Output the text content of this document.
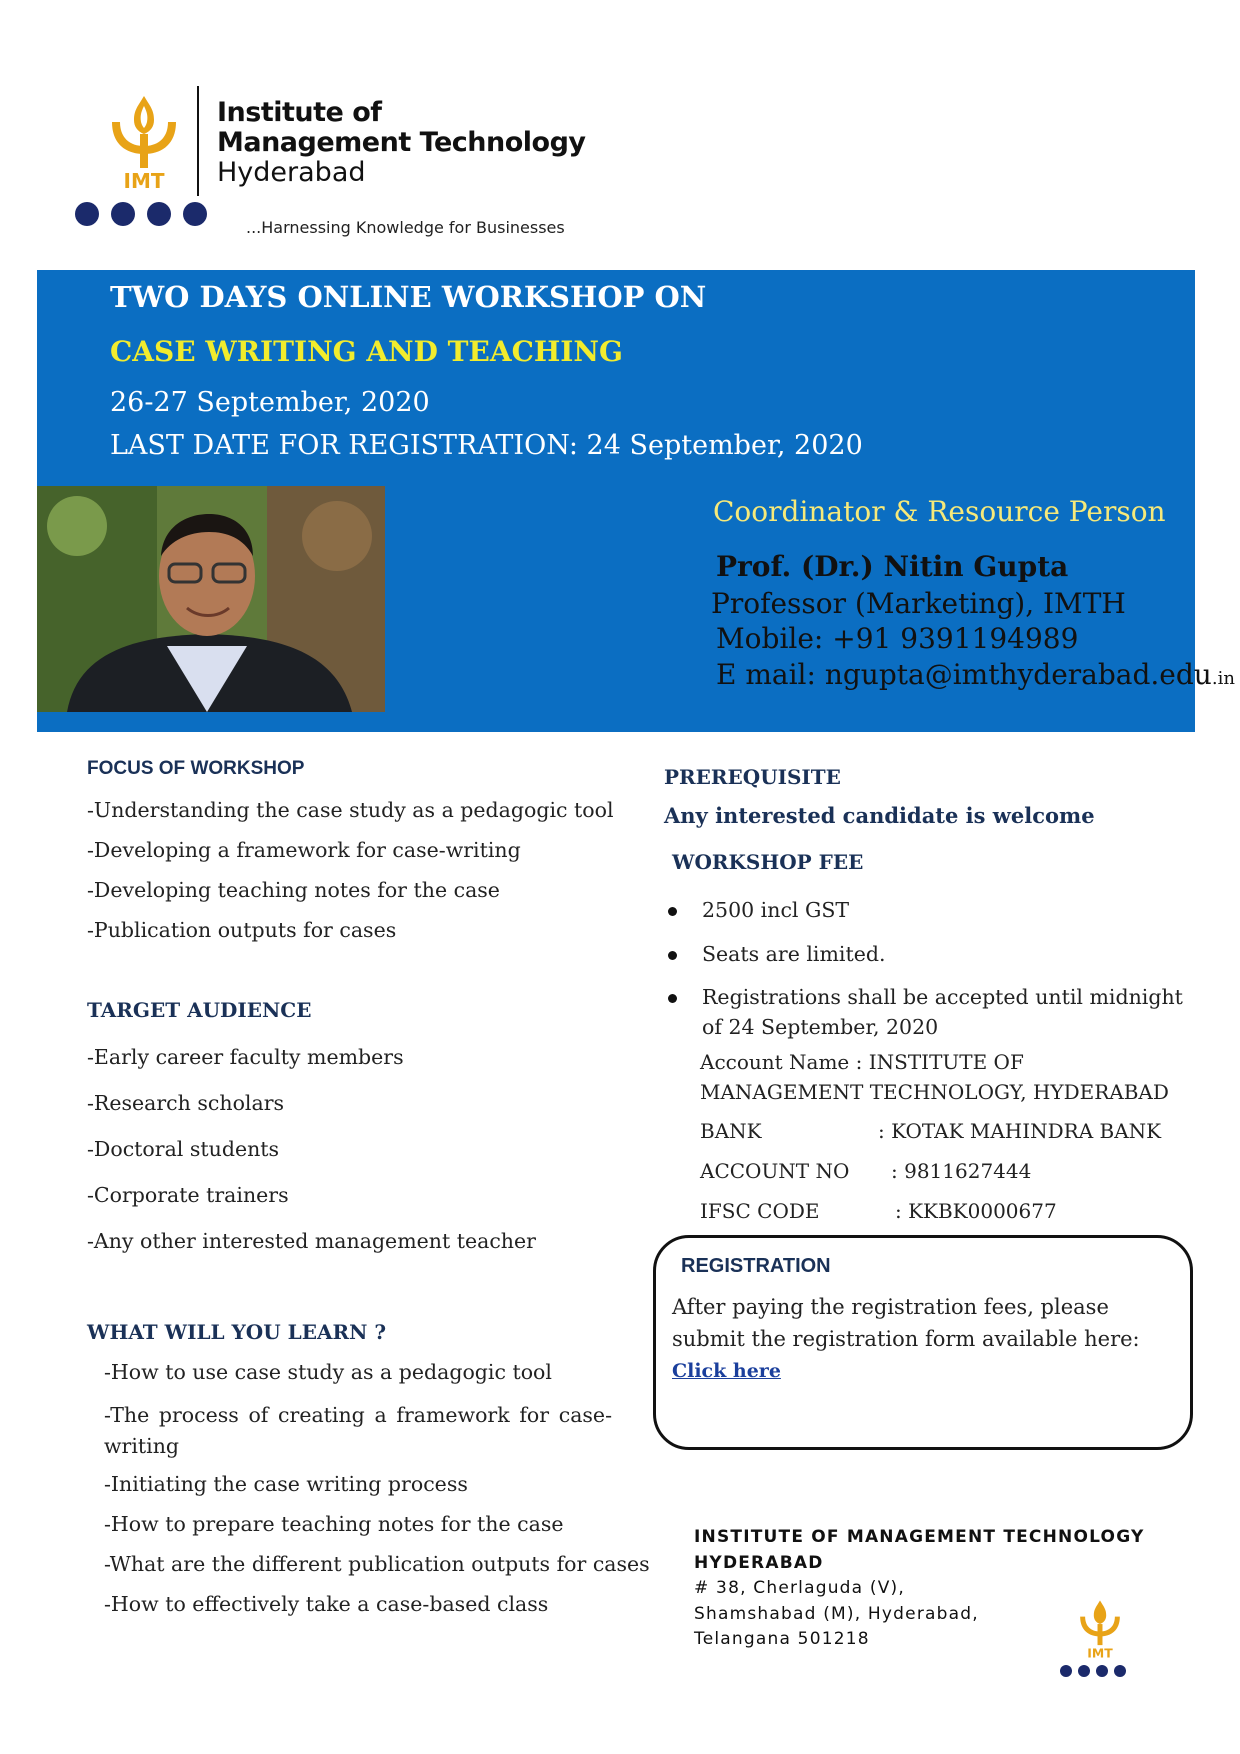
IMT
Institute of
Management Technology
Hyderabad
...Harnessing Knowledge for Businesses
TWO DAYS ONLINE WORKSHOP ON
CASE WRITING AND TEACHING
26-27 September, 2020
LAST DATE FOR REGISTRATION: 24 September, 2020
Coordinator & Resource Person
Prof. (Dr.) Nitin Gupta
Professor (Marketing), IMTH
Mobile: +91 9391194989
E mail: ngupta@imthyderabad.edu.in
FOCUS OF WORKSHOP
-Understanding the case study as a pedagogic tool
-Developing a framework for case-writing
-Developing teaching notes for the case
-Publication outputs for cases
TARGET AUDIENCE
-Early career faculty members
-Research scholars
-Doctoral students
-Corporate trainers
-Any other interested management teacher
WHAT WILL YOU LEARN ?
-How to use case study as a pedagogic tool
-The process of creating a framework for case-writing
-Initiating the case writing process
-How to prepare teaching notes for the case
-What are the different publication outputs for cases
-How to effectively take a case-based class
PREREQUISITE
Any interested candidate is welcome
WORKSHOP FEE
2500 incl GST
Seats are limited.
Registrations shall be accepted until midnight of 24 September, 2020
Account Name : INSTITUTE OF MANAGEMENT TECHNOLOGY, HYDERABAD
BANK	: KOTAK MAHINDRA BANK
ACCOUNT NO : 9811627444
IFSC CODE	: KKBK0000677
REGISTRATION
After paying the registration fees, please submit the registration form available here: Click here
INSTITUTE OF MANAGEMENT TECHNOLOGY
HYDERABAD
# 38, Cherlaguda (V),
Shamshabad (M), Hyderabad,
Telangana 501218
IMT
